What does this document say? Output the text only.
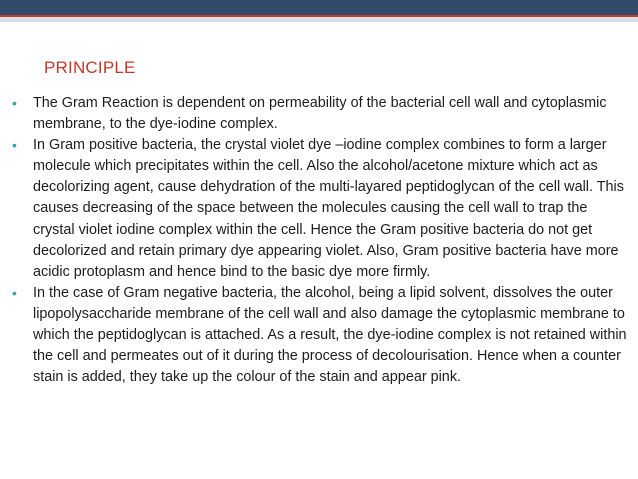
PRINCIPLE

• The Gram Reaction is dependent on permeability of the bacterial cell wall and cytoplasmic membrane, to the dye-iodine complex.

• In Gram positive bacteria, the crystal violet dye –iodine complex combines to form a larger molecule which precipitates within the cell. Also the alcohol/acetone mixture which act as decolorizing agent, cause dehydration of the multi-layared peptidoglycan of the cell wall. This causes decreasing of the space between the molecules causing the cell wall to trap the crystal violet iodine complex within the cell. Hence the Gram positive bacteria do not get decolorized and retain primary dye appearing violet. Also, Gram positive bacteria have more acidic protoplasm and hence bind to the basic dye more firmly.

• In the case of Gram negative bacteria, the alcohol, being a lipid solvent, dissolves the outer lipopolysaccharide membrane of the cell wall and also damage the cytoplasmic membrane to which the peptidoglycan is attached. As a result, the dye-iodine complex is not retained within the cell and permeates out of it during the process of decolourisation. Hence when a counter stain is added, they take up the colour of the stain and appear pink.
